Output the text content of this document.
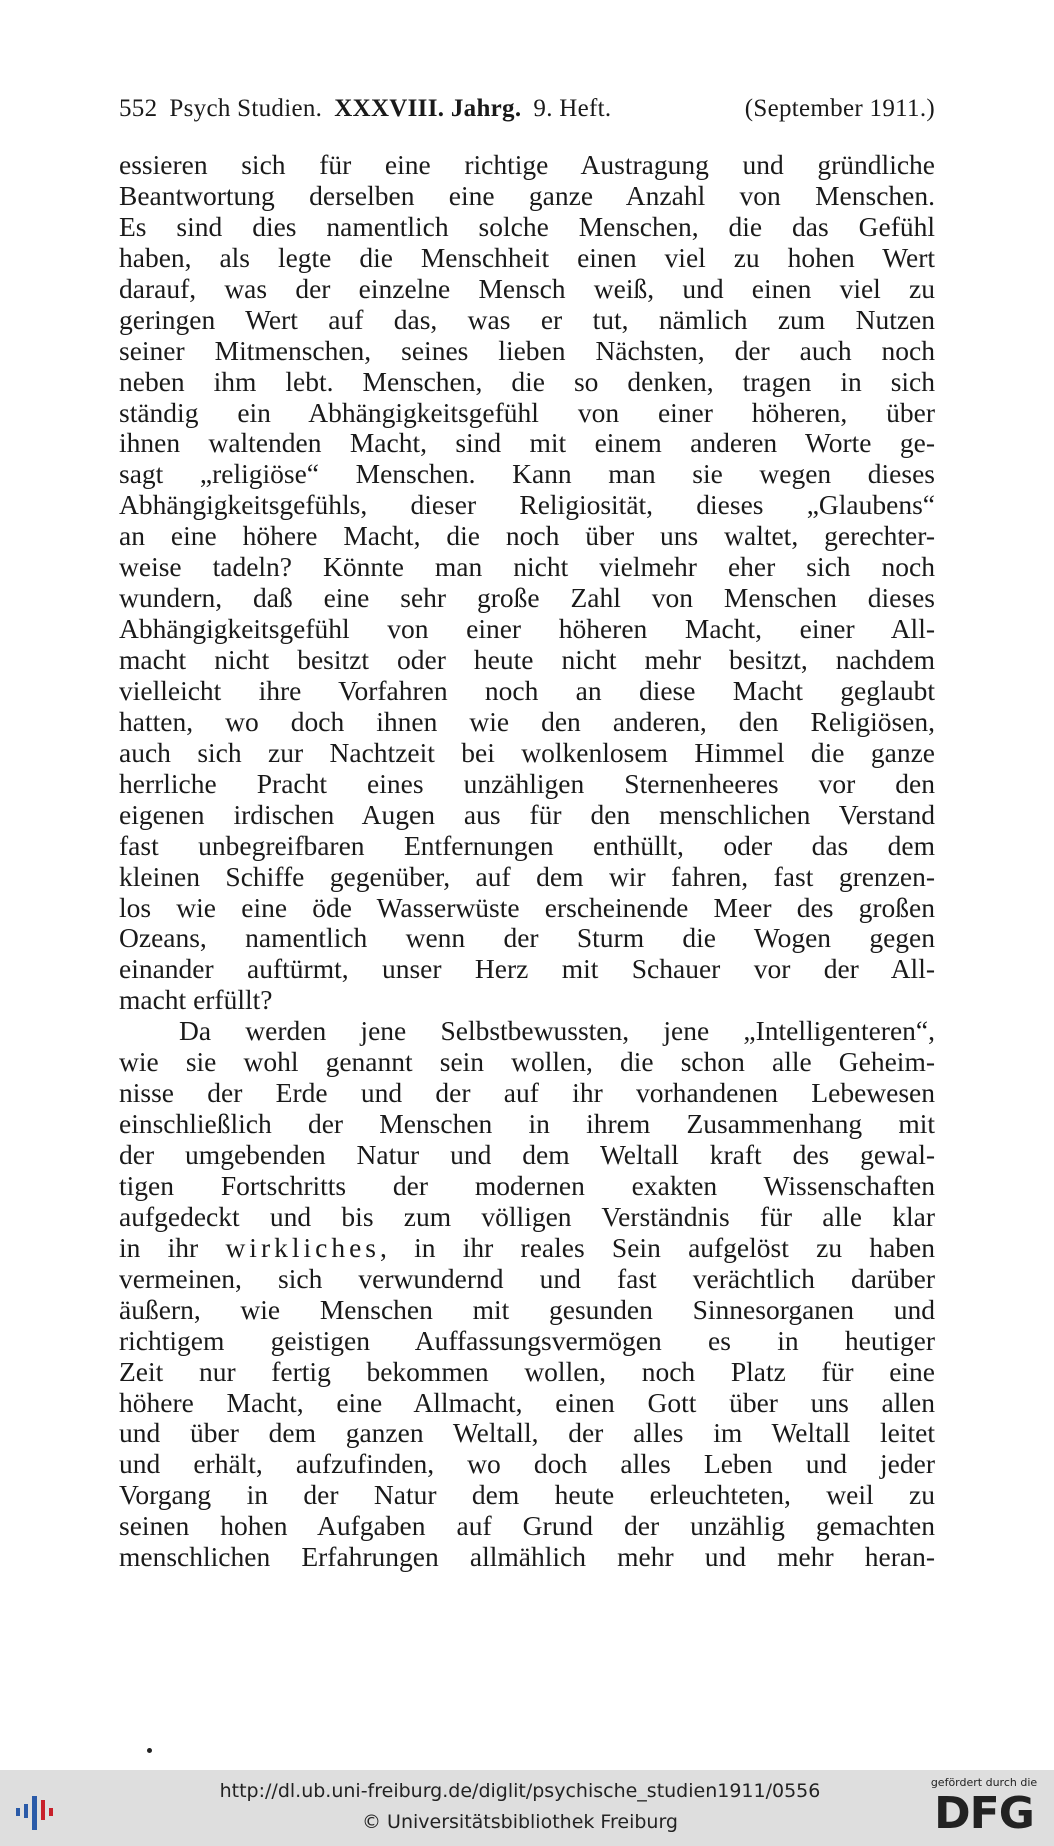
552 Psych Studien. XXXVIII. Jahrg. 9. Heft.	(September 1911.)
essieren sich für eine richtige Austragung und gründliche
Beantwortung derselben eine ganze Anzahl von Menschen.
Es sind dies namentlich solche Menschen, die das Gefühl
haben, als legte die Menschheit einen viel zu hohen Wert
darauf, was der einzelne Mensch weiß, und einen viel zu
geringen Wert auf das, was er tut, nämlich zum Nutzen
seiner Mitmenschen, seines lieben Nächsten, der auch noch
neben ihm lebt. Menschen, die so denken, tragen in sich
ständig ein Abhängigkeitsgefühl von einer höheren, über
ihnen waltenden Macht, sind mit einem anderen Worte ge-
sagt „religiöse“ Menschen. Kann man sie wegen dieses
Abhängigkeitsgefühls, dieser Religiosität, dieses „Glaubens“
an eine höhere Macht, die noch über uns waltet, gerechter-
weise tadeln? Könnte man nicht vielmehr eher sich noch
wundern, daß eine sehr große Zahl von Menschen dieses
Abhängigkeitsgefühl von einer höheren Macht, einer All-
macht nicht besitzt oder heute nicht mehr besitzt, nachdem
vielleicht ihre Vorfahren noch an diese Macht geglaubt
hatten, wo doch ihnen wie den anderen, den Religiösen,
auch sich zur Nachtzeit bei wolkenlosem Himmel die ganze
herrliche Pracht eines unzähligen Sternenheeres vor den
eigenen irdischen Augen aus für den menschlichen Verstand
fast unbegreifbaren Entfernungen enthüllt, oder das dem
kleinen Schiffe gegenüber, auf dem wir fahren, fast grenzen-
los wie eine öde Wasserwüste erscheinende Meer des großen
Ozeans, namentlich wenn der Sturm die Wogen gegen
einander auftürmt, unser Herz mit Schauer vor der All-
macht erfüllt?
Da werden jene Selbstbewussten, jene „Intelligenteren“,
wie sie wohl genannt sein wollen, die schon alle Geheim-
nisse der Erde und der auf ihr vorhandenen Lebewesen
einschließlich der Menschen in ihrem Zusammenhang mit
der umgebenden Natur und dem Weltall kraft des gewal-
tigen Fortschritts der modernen exakten Wissenschaften
aufgedeckt und bis zum völligen Verständnis für alle klar
in ihr wirkliches, in ihr reales Sein aufgelöst zu haben
vermeinen, sich verwundernd und fast verächtlich darüber
äußern, wie Menschen mit gesunden Sinnesorganen und
richtigem geistigen Auffassungsvermögen es in heutiger
Zeit nur fertig bekommen wollen, noch Platz für eine
höhere Macht, eine Allmacht, einen Gott über uns allen
und über dem ganzen Weltall, der alles im Weltall leitet
und erhält, aufzufinden, wo doch alles Leben und jeder
Vorgang in der Natur dem heute erleuchteten, weil zu
seinen hohen Aufgaben auf Grund der unzählig gemachten
menschlichen Erfahrungen allmählich mehr und mehr heran-
http://dl.ub.uni-freiburg.de/diglit/psychische_studien1911/0556
© Universitätsbibliothek Freiburg
gefördert durch die
DFG
